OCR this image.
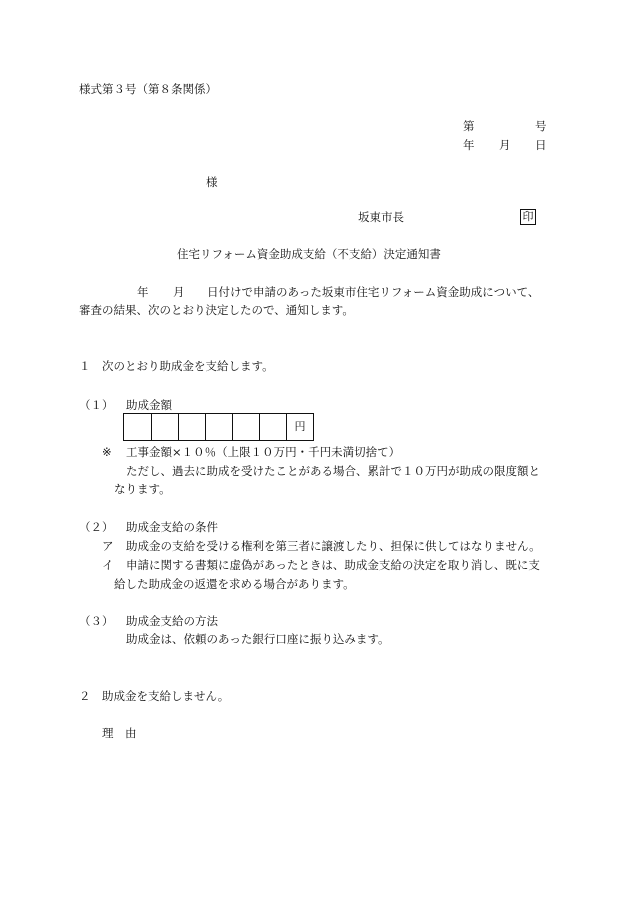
様式第３号（第８条関係）
第	号
年 月 日
様
坂東市長	印
住宅リフォーム資金助成支給（不支給）決定通知書
年 月 日付けで申請のあった坂東市住宅リフォーム資金助成について、
審査の結果、次のとおり決定したので、通知します。
１ 次のとおり助成金を支給します。
（１） 助成金額
						円
※ 工事金額×１０％（上限１０万円・千円未満切捨て）
ただし、過去に助成を受けたことがある場合、累計で１０万円が助成の限度額と
なります。
（２） 助成金支給の条件
ア 助成金の支給を受ける権利を第三者に譲渡したり、担保に供してはなりません。
イ 申請に関する書類に虚偽があったときは、助成金支給の決定を取り消し、既に支
給した助成金の返還を求める場合があります。
（３） 助成金支給の方法
助成金は、依頼のあった銀行口座に振り込みます。
２ 助成金を支給しません。
理　由
